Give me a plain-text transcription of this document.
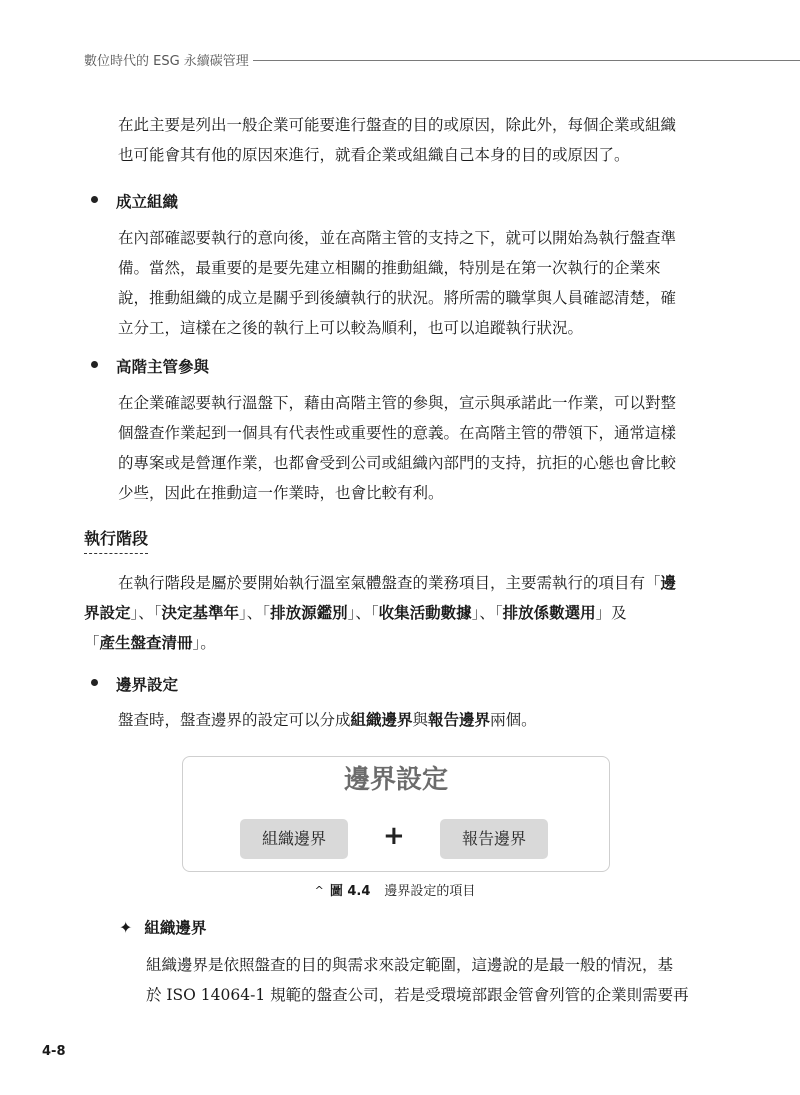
數位時代的 ESG 永續碳管理
在此主要是列出一般企業可能要進行盤查的目的或原因，除此外，每個企業或組織
也可能會其有他的原因來進行，就看企業或組織自己本身的目的或原因了。
成立組織
在內部確認要執行的意向後，並在高階主管的支持之下，就可以開始為執行盤查準
備。當然，最重要的是要先建立相關的推動組織，特別是在第一次執行的企業來
說，推動組織的成立是關乎到後續執行的狀況。將所需的職掌與人員確認清楚，確
立分工，這樣在之後的執行上可以較為順利，也可以追蹤執行狀況。
高階主管參與
在企業確認要執行溫盤下，藉由高階主管的參與，宣示與承諾此一作業，可以對整
個盤查作業起到一個具有代表性或重要性的意義。在高階主管的帶領下，通常這樣
的專案或是營運作業，也都會受到公司或組織內部門的支持，抗拒的心態也會比較
少些，因此在推動這一作業時，也會比較有利。
執行階段
在執行階段是屬於要開始執行溫室氣體盤查的業務項目，主要需執行的項目有「邊
界設定」、「決定基準年」、「排放源鑑別」、「收集活動數據」、「排放係數選用」及
「產生盤查清冊」。
邊界設定
盤查時，盤查邊界的設定可以分成組織邊界與報告邊界兩個。
邊界設定
組織邊界	+	報告邊界
^ 圖 4.4 邊界設定的項目
✦ 組織邊界
組織邊界是依照盤查的目的與需求來設定範圍，這邊說的是最一般的情況，基
於 ISO 14064-1 規範的盤查公司，若是受環境部跟金管會列管的企業則需要再
4-8
